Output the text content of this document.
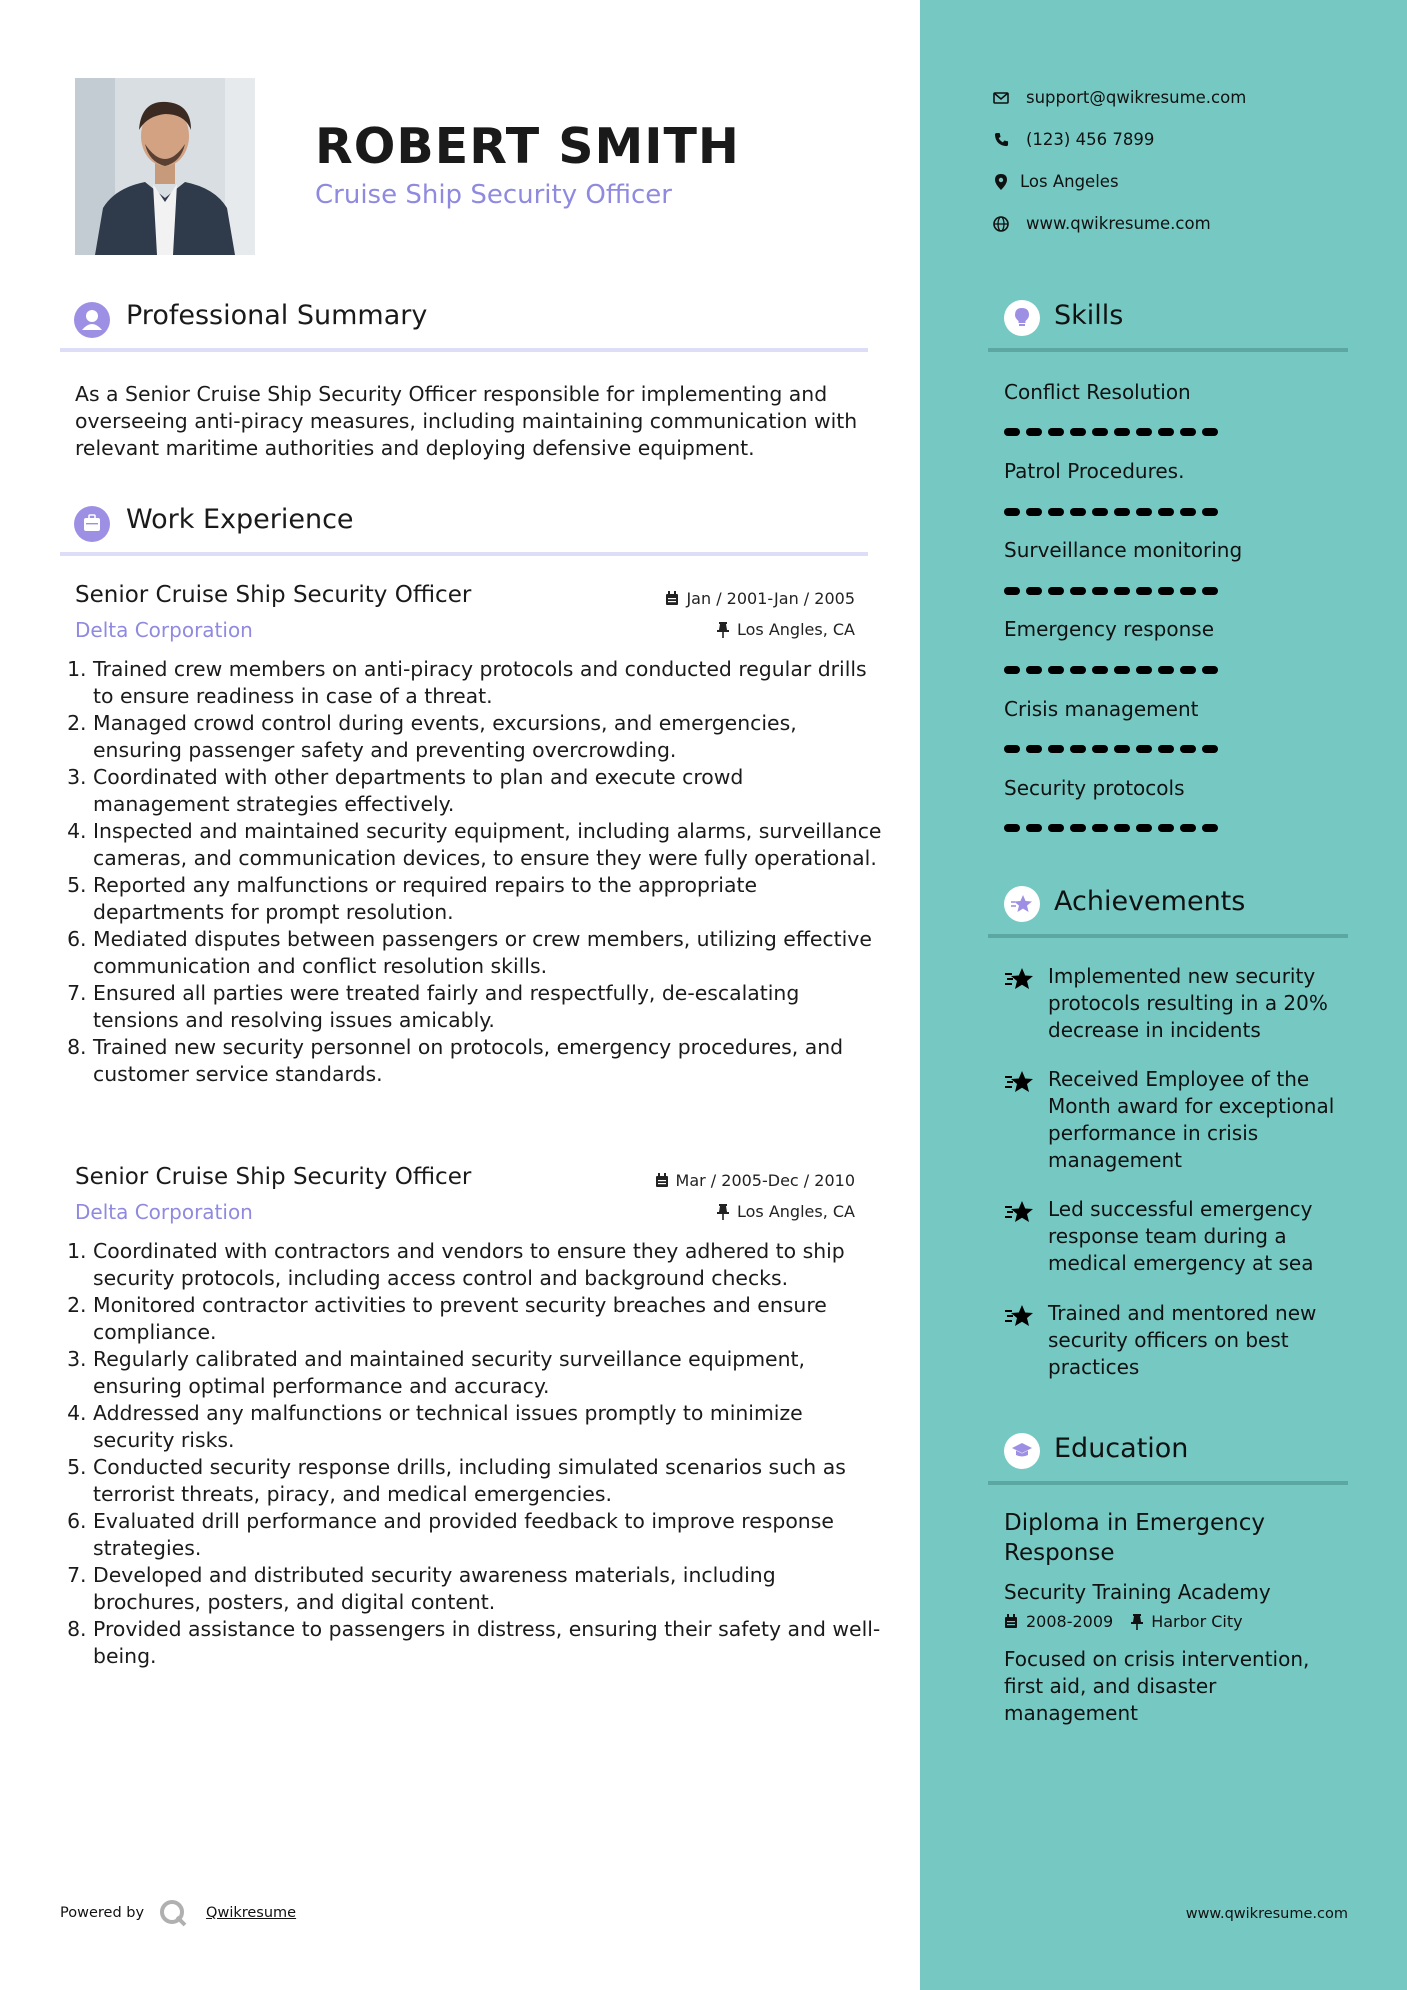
ROBERT SMITH
Cruise Ship Security Officer
Professional Summary
As a Senior Cruise Ship Security Officer responsible for implementing and overseeing anti-piracy measures, including maintaining communication with relevant maritime authorities and deploying defensive equipment.
Work Experience
Senior Cruise Ship Security Officer
Delta Corporation
Jan / 2001-Jan / 2005
Los Angles, CA
1. Trained crew members on anti-piracy protocols and conducted regular drills to ensure readiness in case of a threat.
2. Managed crowd control during events, excursions, and emergencies, ensuring passenger safety and preventing overcrowding.
3. Coordinated with other departments to plan and execute crowd management strategies effectively.
4. Inspected and maintained security equipment, including alarms, surveillance cameras, and communication devices, to ensure they were fully operational.
5. Reported any malfunctions or required repairs to the appropriate departments for prompt resolution.
6. Mediated disputes between passengers or crew members, utilizing effective communication and conflict resolution skills.
7. Ensured all parties were treated fairly and respectfully, de-escalating tensions and resolving issues amicably.
8. Trained new security personnel on protocols, emergency procedures, and customer service standards.
Senior Cruise Ship Security Officer
Delta Corporation
Mar / 2005-Dec / 2010
Los Angles, CA
1. Coordinated with contractors and vendors to ensure they adhered to ship security protocols, including access control and background checks.
2. Monitored contractor activities to prevent security breaches and ensure compliance.
3. Regularly calibrated and maintained security surveillance equipment, ensuring optimal performance and accuracy.
4. Addressed any malfunctions or technical issues promptly to minimize security risks.
5. Conducted security response drills, including simulated scenarios such as terrorist threats, piracy, and medical emergencies.
6. Evaluated drill performance and provided feedback to improve response strategies.
7. Developed and distributed security awareness materials, including brochures, posters, and digital content.
8. Provided assistance to passengers in distress, ensuring their safety and well-being.
support@qwikresume.com
(123) 456 7899
Los Angeles
www.qwikresume.com
Skills
Conflict Resolution
Patrol Procedures.
Surveillance monitoring
Emergency response
Crisis management
Security protocols
Achievements
Implemented new security protocols resulting in a 20% decrease in incidents
Received Employee of the Month award for exceptional performance in crisis management
Led successful emergency response team during a medical emergency at sea
Trained and mentored new security officers on best practices
Education
Diploma in Emergency Response
Security Training Academy
2008-2009 Harbor City
Focused on crisis intervention, first aid, and disaster management
Powered by	Qwikresume	www.qwikresume.com
